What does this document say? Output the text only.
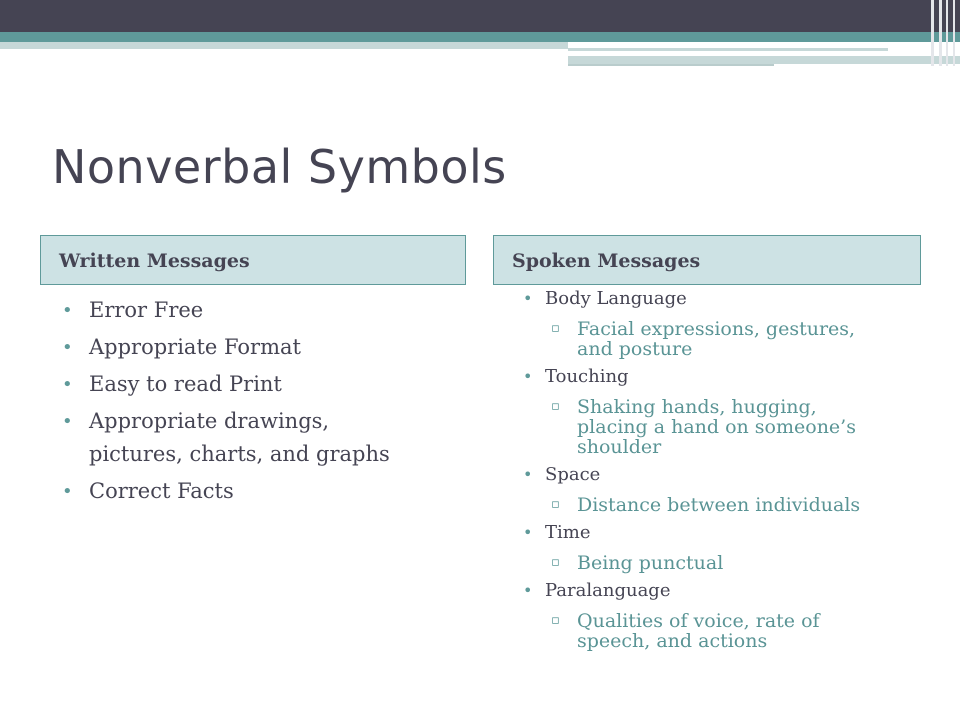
Nonverbal Symbols
Written Messages	Spoken Messages
• Error Free
• Appropriate Format
• Easy to read Print
• Appropriate drawings,
pictures, charts, and graphs
• Correct Facts
• Body Language
▫ Facial expressions, gestures,
and posture
• Touching
▫ Shaking hands, hugging,
placing a hand on someone’s
shoulder
• Space
▫ Distance between individuals
• Time
▫ Being punctual
• Paralanguage
▫ Qualities of voice, rate of
speech, and actions
